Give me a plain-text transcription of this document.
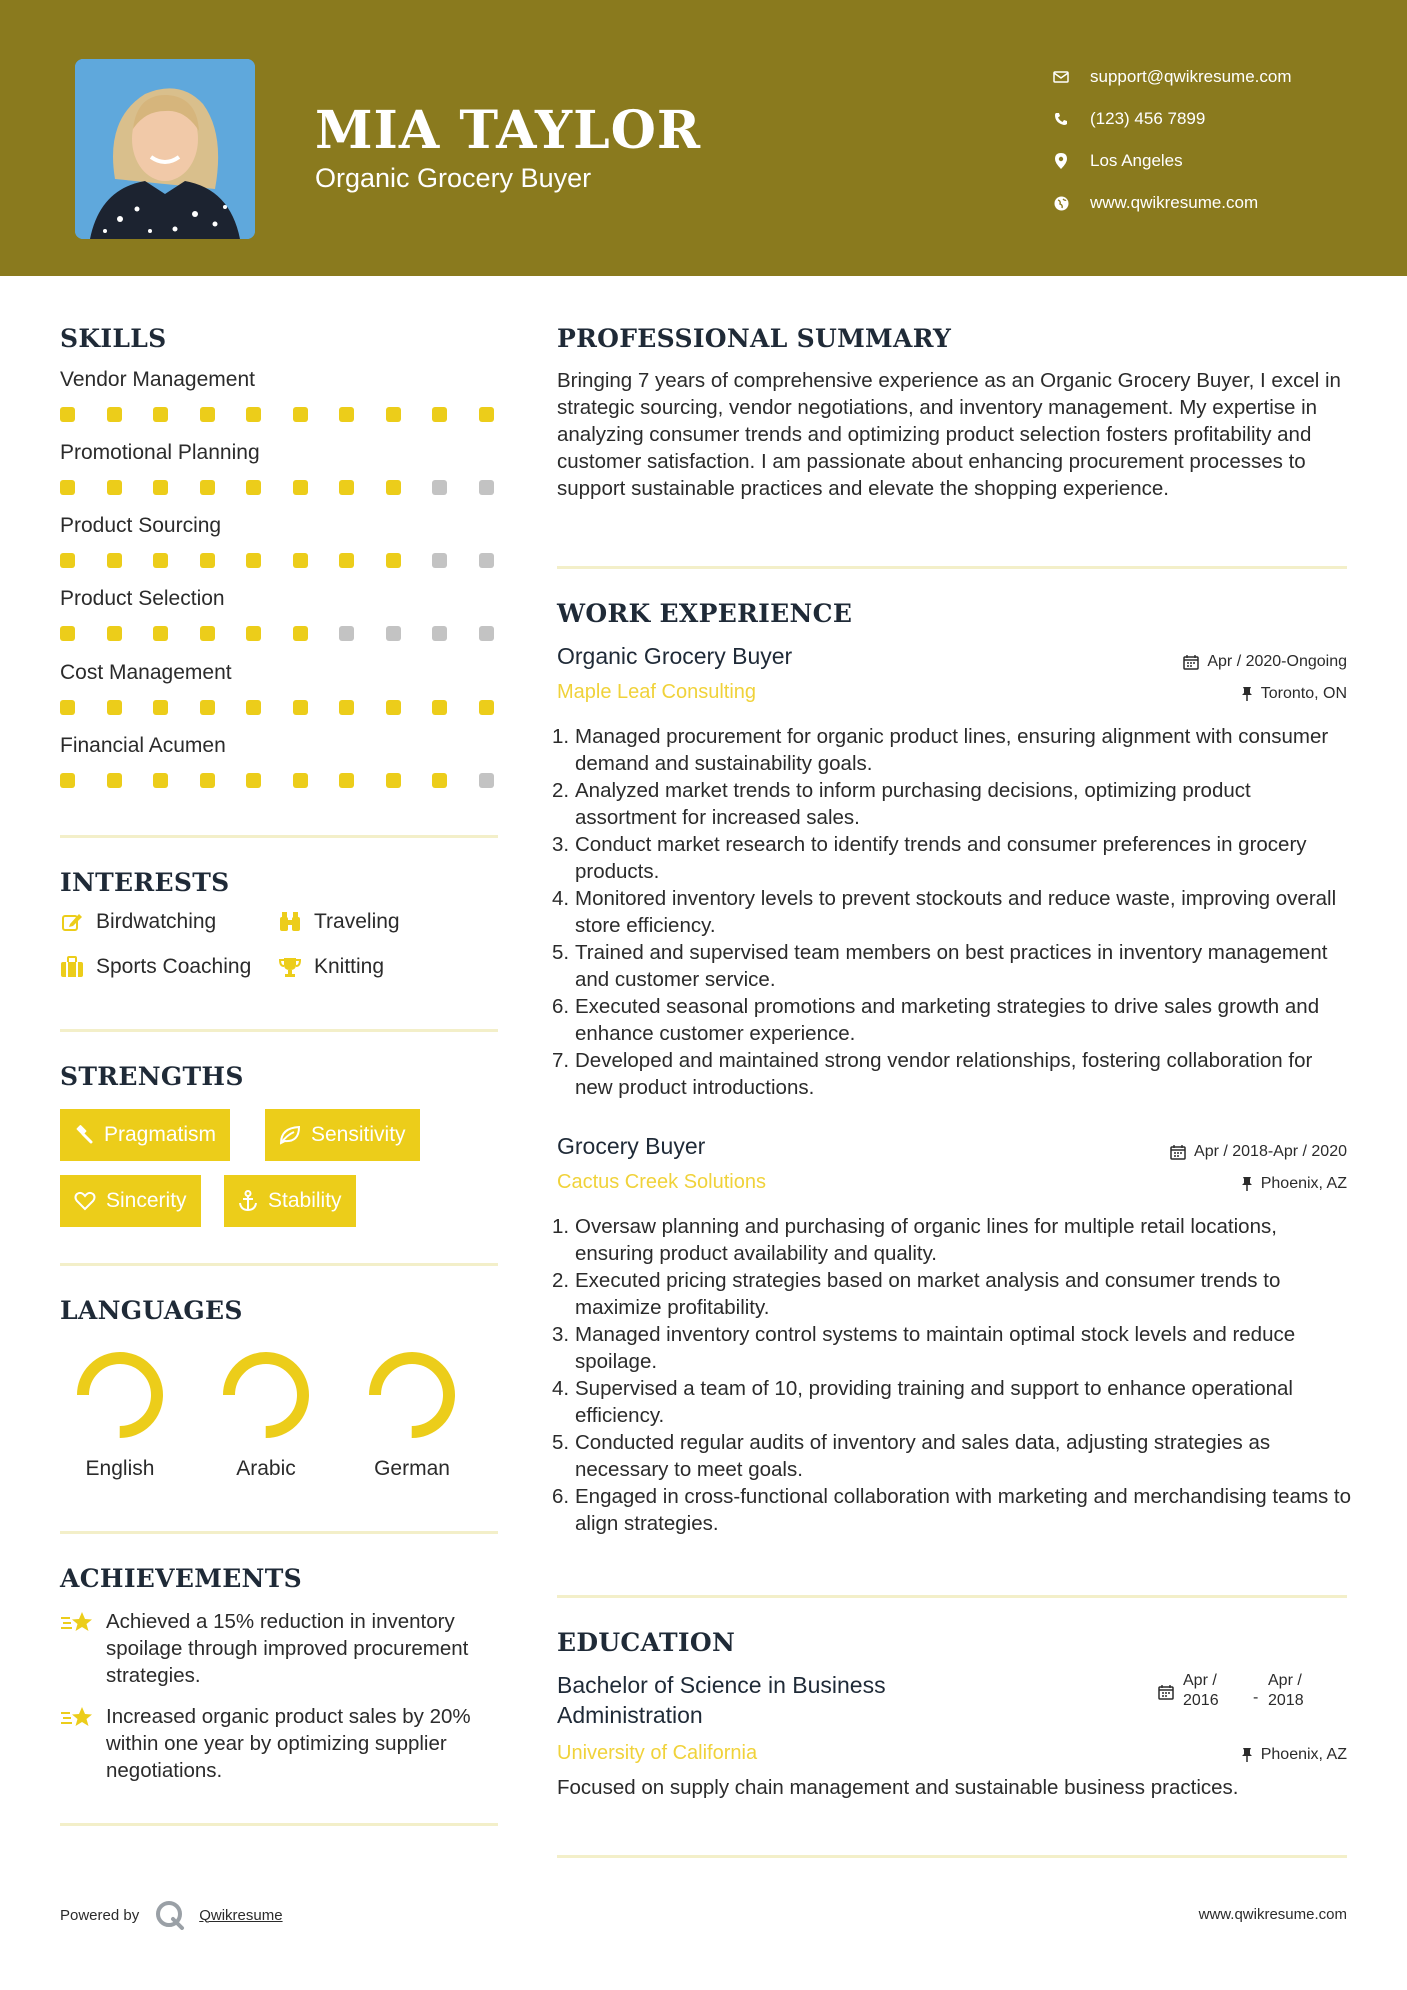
MIA TAYLOR
Organic Grocery Buyer
support@qwikresume.com
(123) 456 7899
Los Angeles
www.qwikresume.com
SKILLS
Vendor Management
Promotional Planning
Product Sourcing
Product Selection
Cost Management
Financial Acumen
INTERESTS
Birdwatching	Traveling
Sports Coaching	Knitting
STRENGTHS
Pragmatism	Sensitivity
Sincerity	Stability
LANGUAGES
English	Arabic	German
ACHIEVEMENTS
Achieved a 15% reduction in inventory spoilage through improved procurement strategies.
Increased organic product sales by 20% within one year by optimizing supplier negotiations.
PROFESSIONAL SUMMARY
Bringing 7 years of comprehensive experience as an Organic Grocery Buyer, I excel in strategic sourcing, vendor negotiations, and inventory management. My expertise in analyzing consumer trends and optimizing product selection fosters profitability and customer satisfaction. I am passionate about enhancing procurement processes to support sustainable practices and elevate the shopping experience.
WORK EXPERIENCE
Organic Grocery Buyer
Maple Leaf Consulting
Apr / 2020-Ongoing
Toronto, ON
1. Managed procurement for organic product lines, ensuring alignment with consumer demand and sustainability goals.
2. Analyzed market trends to inform purchasing decisions, optimizing product assortment for increased sales.
3. Conduct market research to identify trends and consumer preferences in grocery products.
4. Monitored inventory levels to prevent stockouts and reduce waste, improving overall store efficiency.
5. Trained and supervised team members on best practices in inventory management and customer service.
6. Executed seasonal promotions and marketing strategies to drive sales growth and enhance customer experience.
7. Developed and maintained strong vendor relationships, fostering collaboration for new product introductions.
Grocery Buyer
Cactus Creek Solutions
Apr / 2018-Apr / 2020
Phoenix, AZ
1. Oversaw planning and purchasing of organic lines for multiple retail locations, ensuring product availability and quality.
2. Executed pricing strategies based on market analysis and consumer trends to maximize profitability.
3. Managed inventory control systems to maintain optimal stock levels and reduce spoilage.
4. Supervised a team of 10, providing training and support to enhance operational efficiency.
5. Conducted regular audits of inventory and sales data, adjusting strategies as necessary to meet goals.
6. Engaged in cross-functional collaboration with marketing and merchandising teams to align strategies.
EDUCATION
Bachelor of Science in Business
Administration
University of California
Apr /
2016 -
Apr /
2018
Phoenix, AZ
Focused on supply chain management and sustainable business practices.
Powered by	Qwikresume	www.qwikresume.com
